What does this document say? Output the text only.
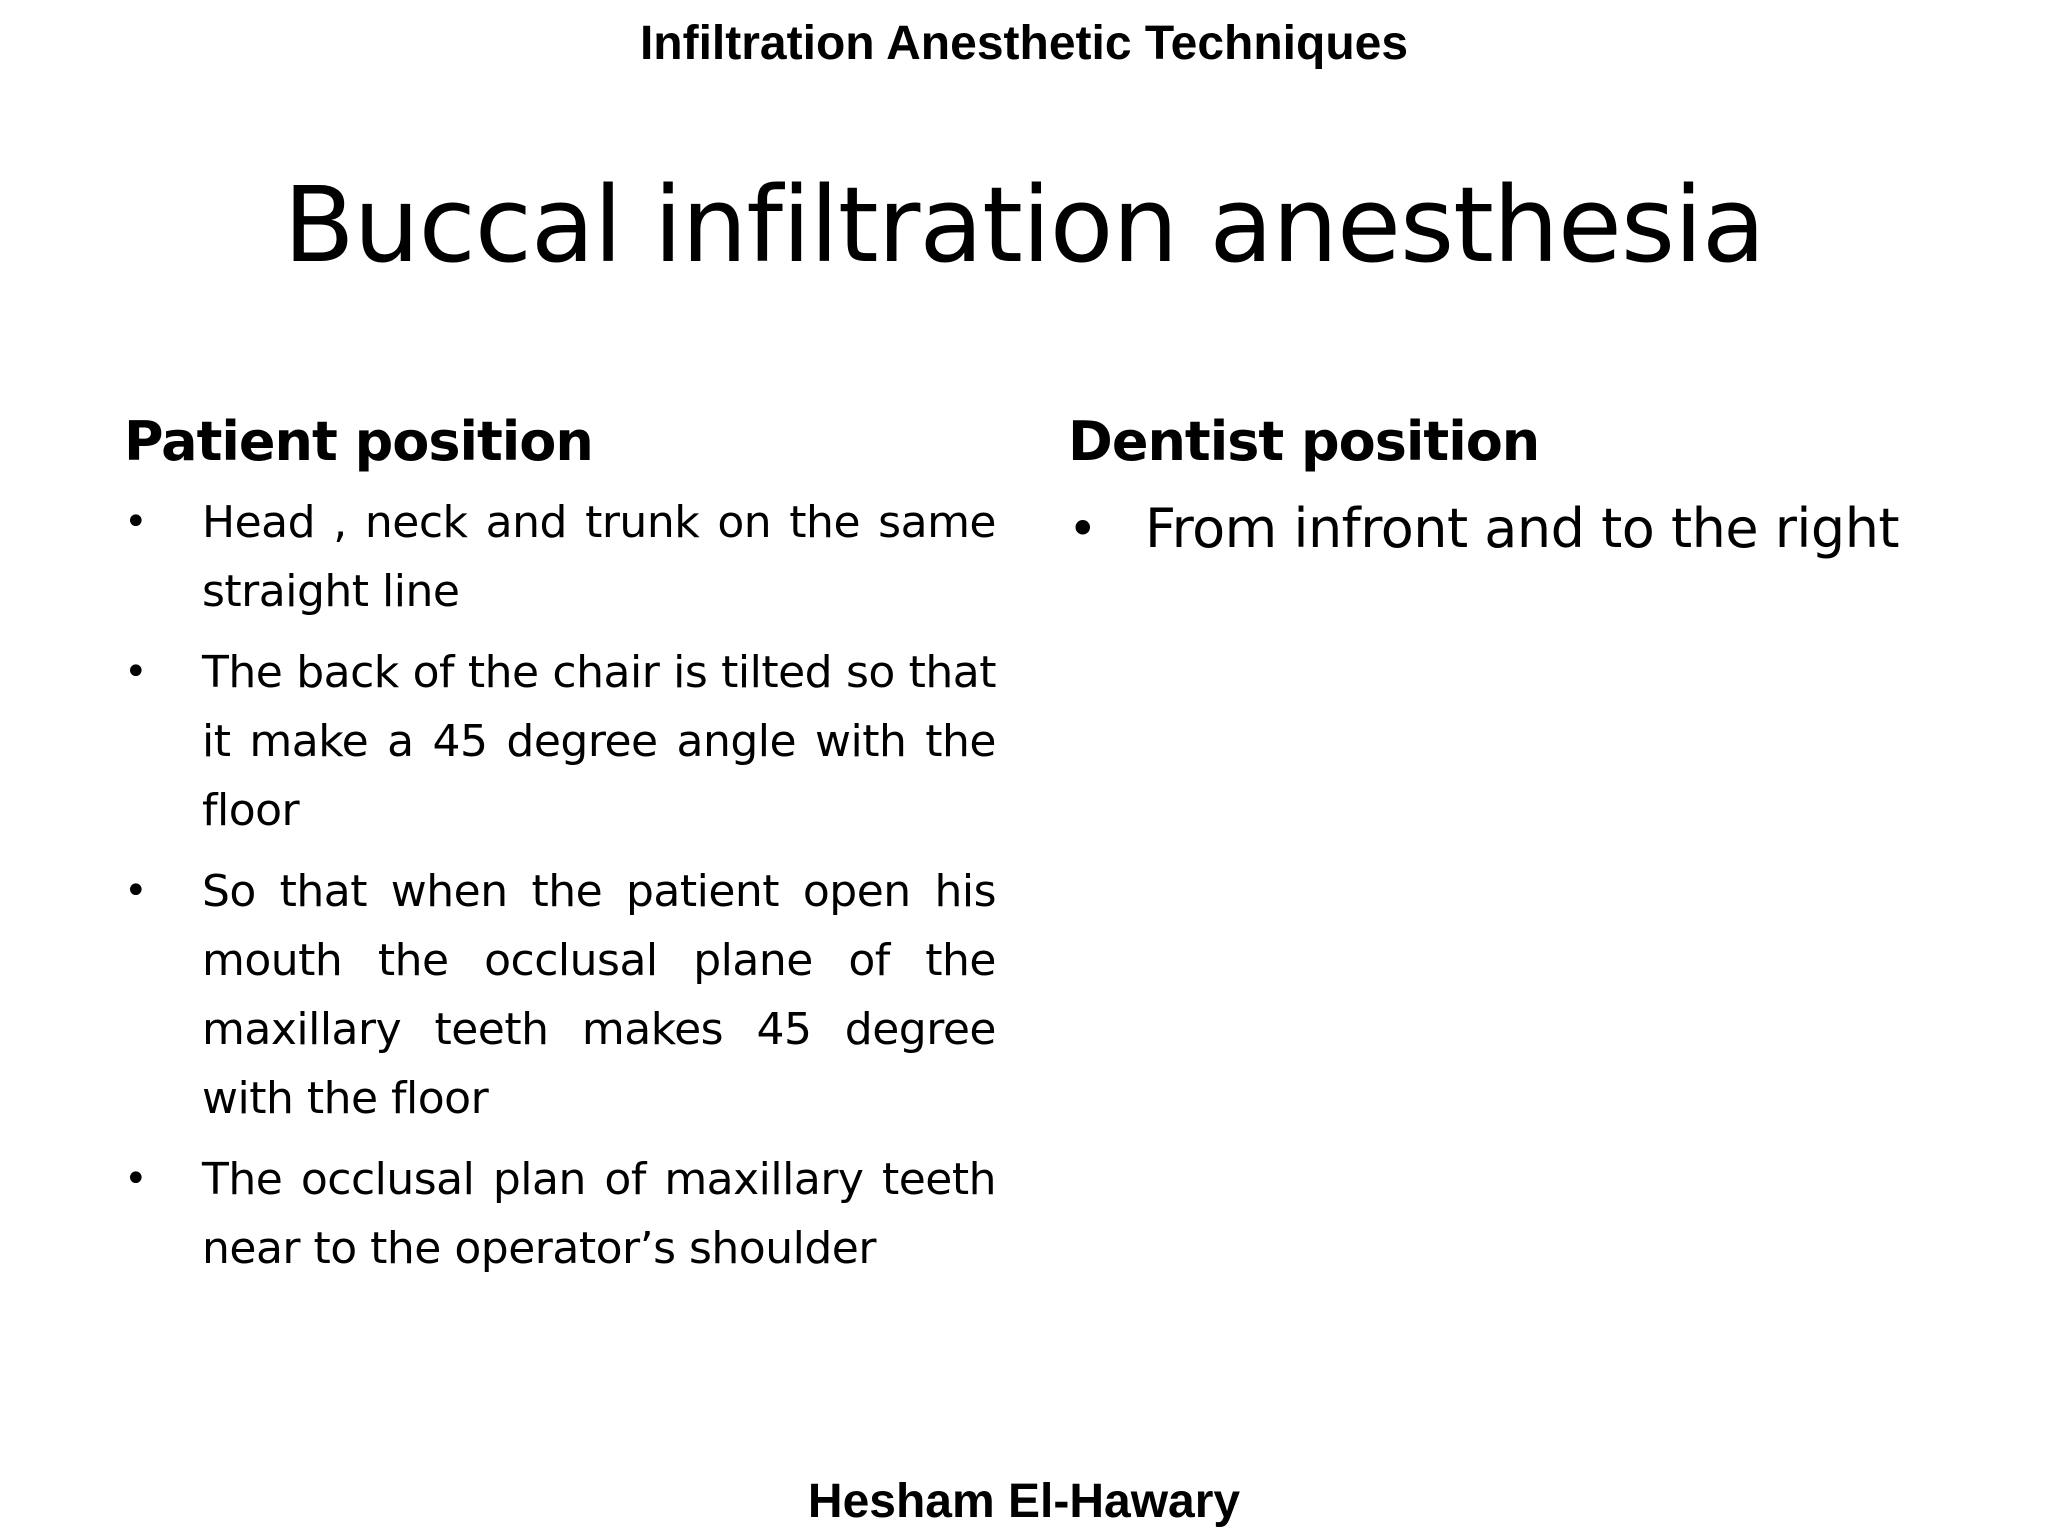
Infiltration Anesthetic Techniques
Buccal infiltration anesthesia
Patient position
• Head , neck and trunk on the same straight line
• The back of the chair is tilted so that it make a 45 degree angle with the floor
• So that when the patient open his mouth the occlusal plane of the maxillary teeth makes 45 degree with the floor
• The occlusal plan of maxillary teeth near to the operator’s shoulder
Dentist position
• From infront and to the right
Hesham El-Hawary
